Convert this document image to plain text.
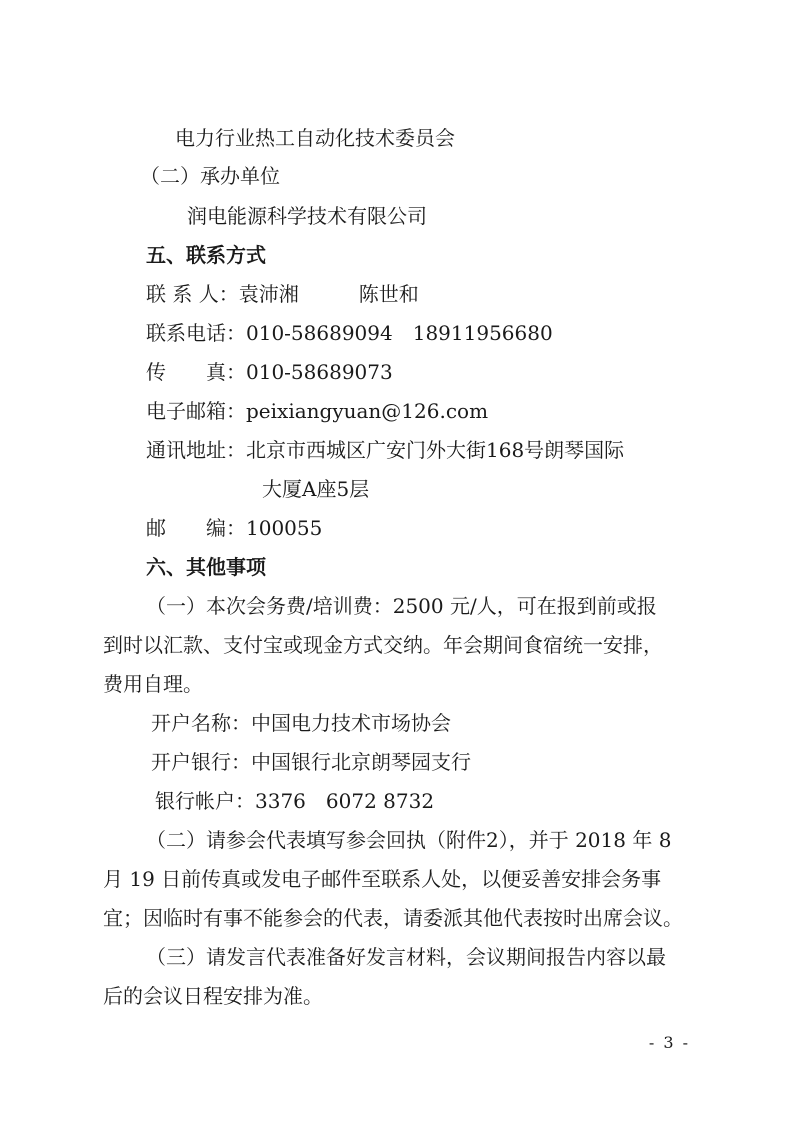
电力行业热工自动化技术委员会
（二）承办单位
润电能源科学技术有限公司
五、联系方式
联 系 人：袁沛湘　　　陈世和
联系电话：010-58689094　18911956680
传　　真：010-58689073
电子邮箱：peixiangyuan@126.com
通讯地址：北京市西城区广安门外大街168号朗琴国际
大厦A座5层
邮　　编：100055
六、其他事项
（一）本次会务费/培训费：2500 元/人，可在报到前或报
到时以汇款、支付宝或现金方式交纳。年会期间食宿统一安排，
费用自理。
开户名称：中国电力技术市场协会
开户银行：中国银行北京朗琴园支行
银行帐户：3376　6072 8732
（二）请参会代表填写参会回执（附件2），并于 2018 年 8
月 19 日前传真或发电子邮件至联系人处，以便妥善安排会务事
宜；因临时有事不能参会的代表，请委派其他代表按时出席会议。
（三）请发言代表准备好发言材料，会议期间报告内容以最
后的会议日程安排为准。
- 3 -
